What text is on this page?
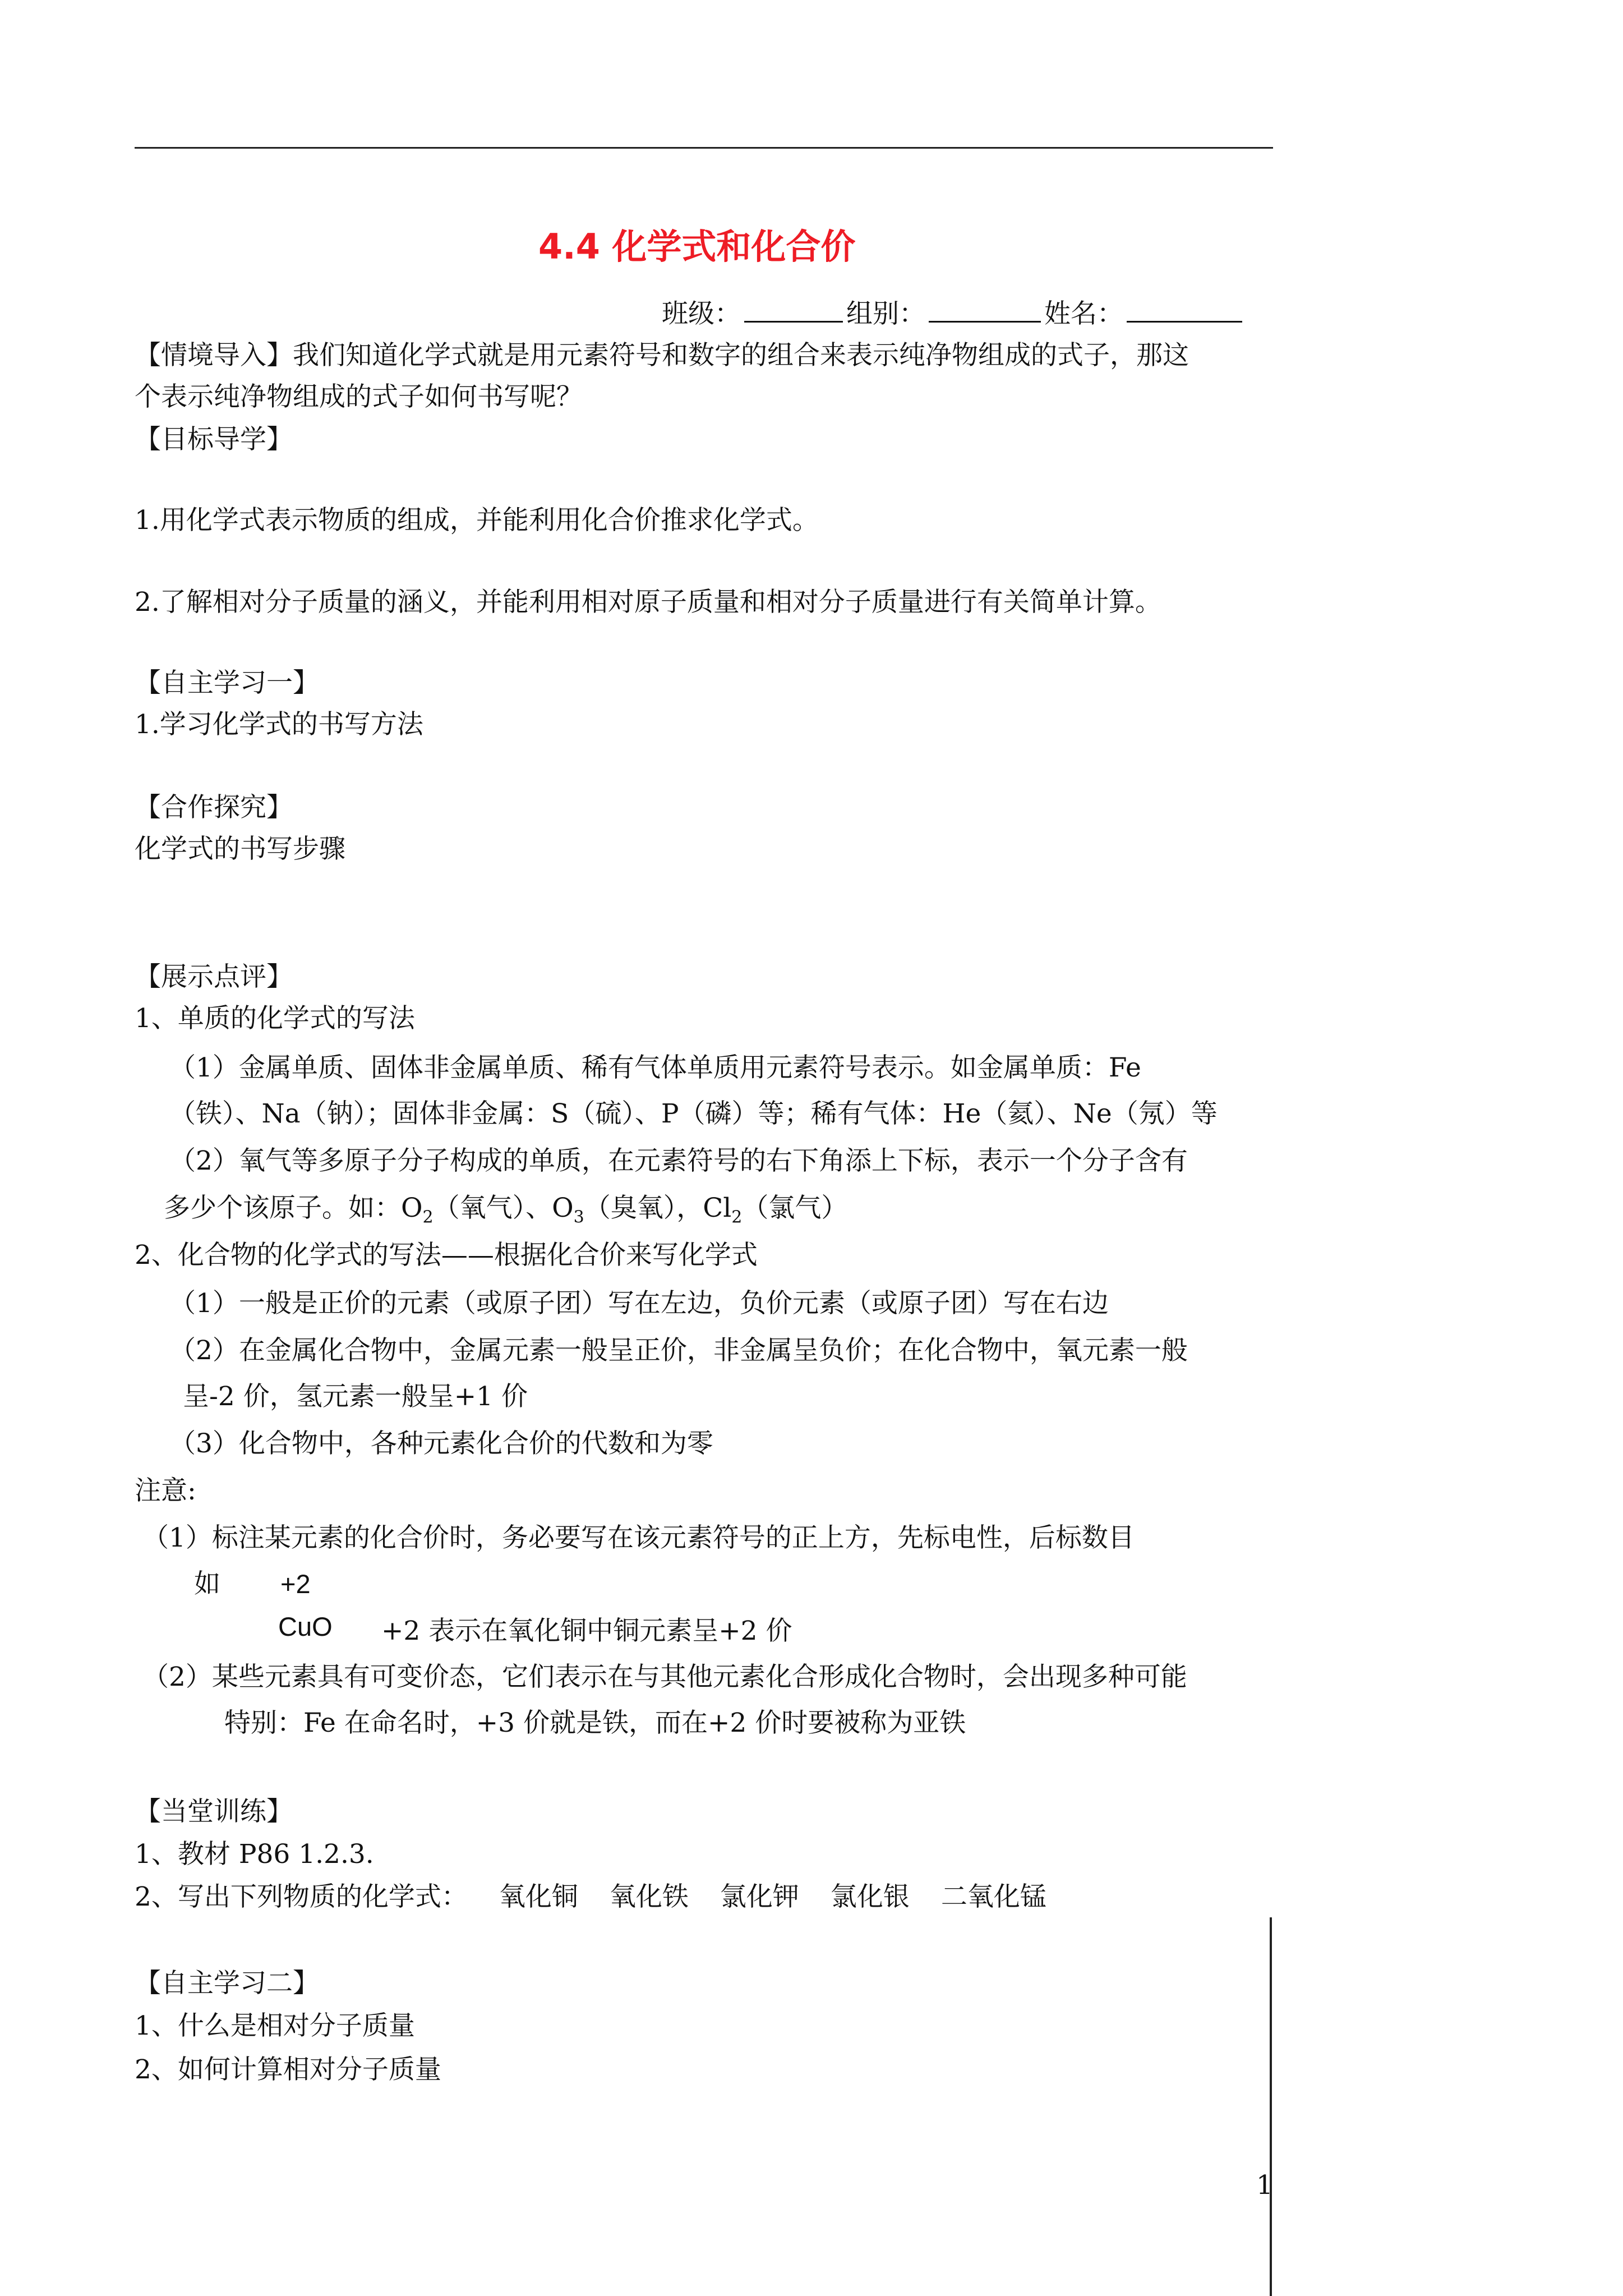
4.4 化学式和化合价
班级：	组别：	姓名：
【情境导入】我们知道化学式就是用元素符号和数字的组合来表示纯净物组成的式子，那这
个表示纯净物组成的式子如何书写呢？
【目标导学】
1.用化学式表示物质的组成，并能利用化合价推求化学式。
2.了解相对分子质量的涵义，并能利用相对原子质量和相对分子质量进行有关简单计算。
【自主学习一】
1.学习化学式的书写方法
【合作探究】
化学式的书写步骤
【展示点评】
1、单质的化学式的写法
（1）金属单质、固体非金属单质、稀有气体单质用元素符号表示。如金属单质：Fe
（铁）、Na（钠）；固体非金属：S（硫）、P（磷）等；稀有气体：He（氦）、Ne（氖）等
（2）氧气等多原子分子构成的单质，在元素符号的右下角添上下标，表示一个分子含有
多少个该原子。如：$O_2$（氧气）、$O_3$（臭氧），$Cl_2$（氯气）
2、化合物的化学式的写法——根据化合价来写化学式
（1）一般是正价的元素（或原子团）写在左边，负价元素（或原子团）写在右边
（2）在金属化合物中，金属元素一般呈正价，非金属呈负价；在化合物中，氧元素一般
呈-2 价，氢元素一般呈+1 价
（3）化合物中，各种元素化合价的代数和为零
注意:
（1）标注某元素的化合价时，务必要写在该元素符号的正上方，先标电性，后标数目
如 +2
CuO +2 表示在氧化铜中铜元素呈+2 价
（2）某些元素具有可变价态，它们表示在与其他元素化合形成化合物时，会出现多种可能
特别：Fe 在命名时，+3 价就是铁，而在+2 价时要被称为亚铁
【当堂训练】
1、教材 P86 1.2.3.
2、写出下列物质的化学式： 氧化铜 氧化铁 氯化钾 氯化银 二氧化锰
【自主学习二】
1、什么是相对分子质量
2、如何计算相对分子质量
1
